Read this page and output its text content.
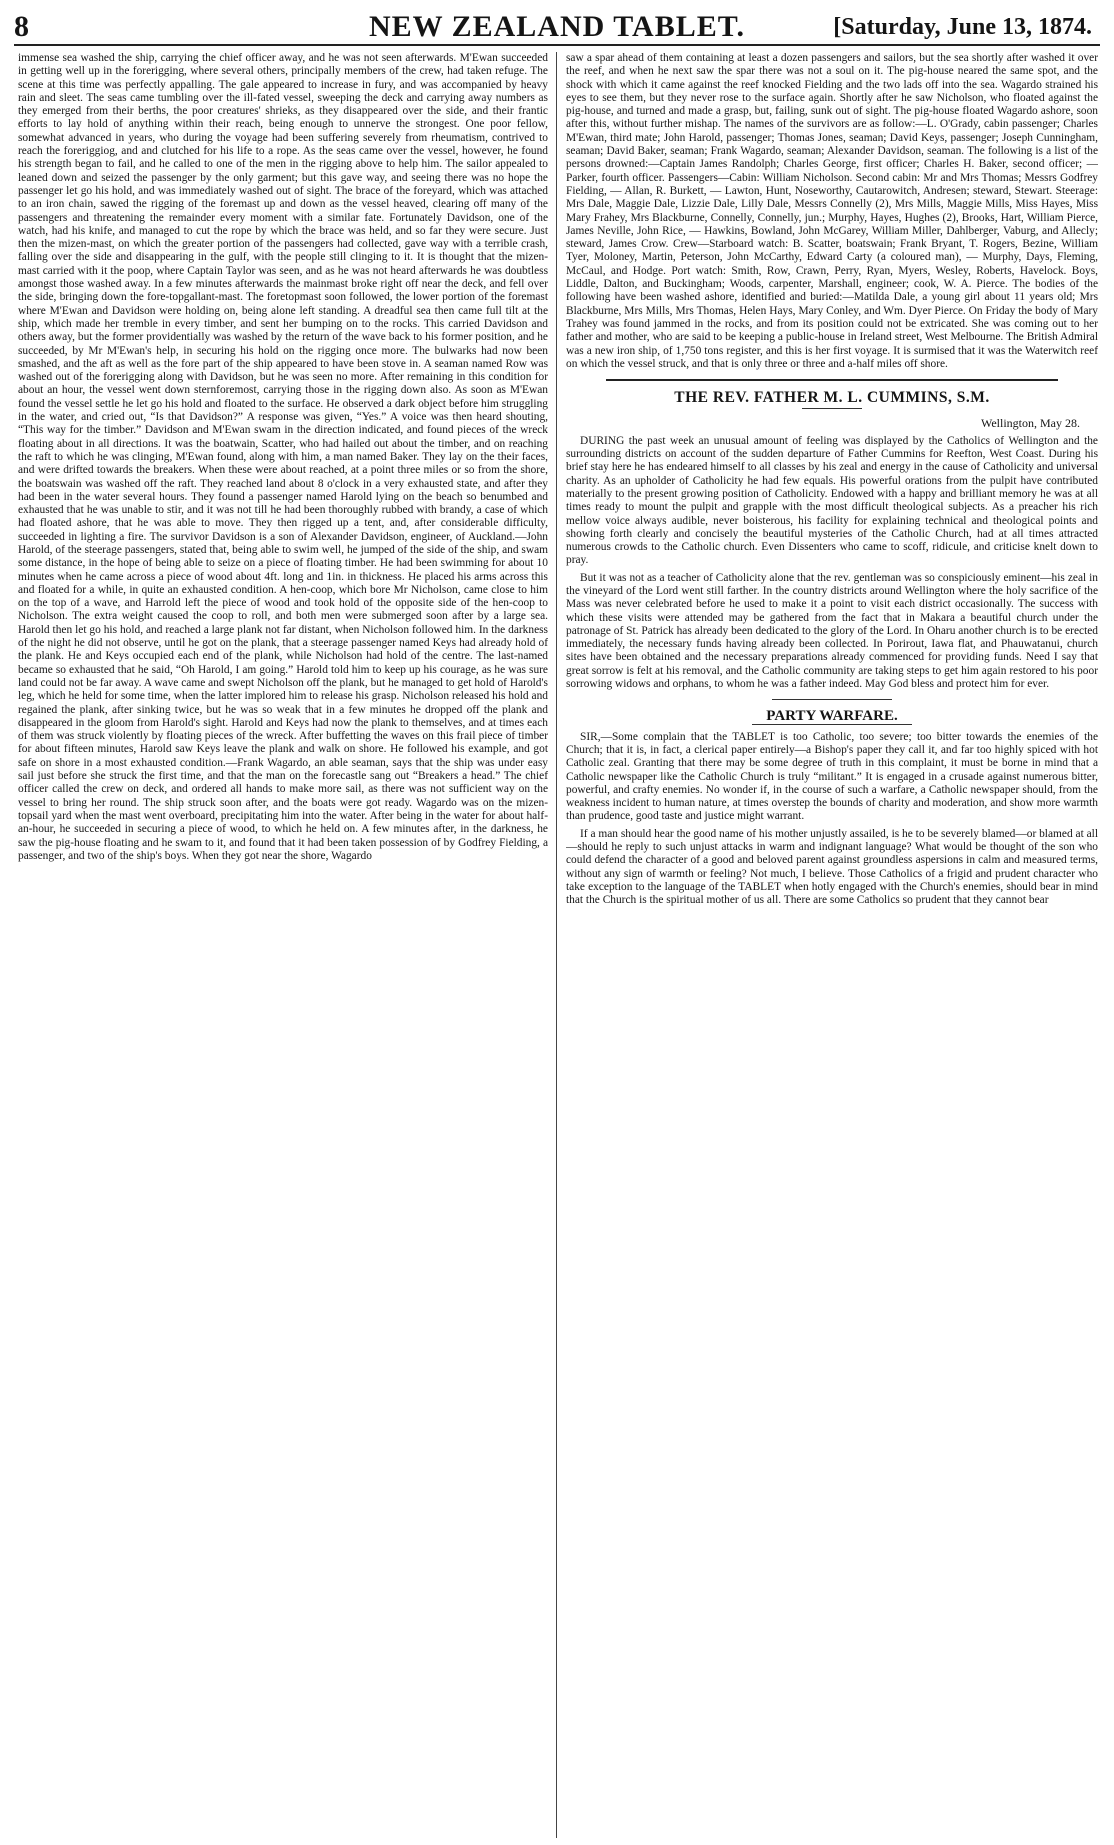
8	NEW ZEALAND TABLET.	[Saturday, June 13, 1874.

immense sea washed the ship, carrying the chief officer away, and he was not seen afterwards. M'Ewan succeeded in getting well up in the forerigging, where several others, principally members of the crew, had taken refuge. The scene at this time was perfectly appalling. The gale appeared to increase in fury, and was accompanied by heavy rain and sleet. The seas came tumbling over the ill-fated vessel, sweeping the deck and carrying away numbers as they emerged from their berths, the poor creatures' shrieks, as they disappeared over the side, and their frantic efforts to lay hold of anything within their reach, being enough to unnerve the strongest. One poor fellow, somewhat advanced in years, who during the voyage had been suffering severely from rheumatism, contrived to reach the foreriggiog, and and clutched for his life to a rope. As the seas came over the vessel, however, he found his strength began to fail, and he called to one of the men in the rigging above to help him. The sailor appealed to leaned down and seized the passenger by the only garment; but this gave way, and seeing there was no hope the passenger let go his hold, and was immediately washed out of sight. The brace of the foreyard, which was attached to an iron chain, sawed the rigging of the foremast up and down as the vessel heaved, clearing off many of the passengers and threatening the remainder every moment with a similar fate. Fortunately Davidson, one of the watch, had his knife, and managed to cut the rope by which the brace was held, and so far they were secure. Just then the mizen-mast, on which the greater portion of the passengers had collected, gave way with a terrible crash, falling over the side and disappearing in the gulf, with the people still clinging to it. It is thought that the mizen-mast carried with it the poop, where Captain Taylor was seen, and as he was not heard afterwards he was doubtless amongst those washed away. In a few minutes afterwards the mainmast broke right off near the deck, and fell over the side, bringing down the fore-topgallant-mast. The foretopmast soon followed, the lower portion of the foremast where M'Ewan and Davidson were holding on, being alone left standing. A dreadful sea then came full tilt at the ship, which made her tremble in every timber, and sent her bumping on to the rocks. This carried Davidson and others away, but the former providentially was washed by the return of the wave back to his former position, and he succeeded, by Mr M'Ewan's help, in securing his hold on the rigging once more. The bulwarks had now been smashed, and the aft as well as the fore part of the ship appeared to have been stove in. A seaman named Row was washed out of the forerigging along with Davidson, but he was seen no more. After remaining in this condition for about an hour, the vessel went down sternforemost, carrying those in the rigging down also. As soon as M'Ewan found the vessel settle he let go his hold and floated to the surface. He observed a dark object before him struggling in the water, and cried out, “Is that Davidson?” A response was given, “Yes.” A voice was then heard shouting, “This way for the timber.” Davidson and M'Ewan swam in the direction indicated, and found pieces of the wreck floating about in all directions. It was the boatwain, Scatter, who had hailed out about the timber, and on reaching the raft to which he was clinging, M'Ewan found, along with him, a man named Baker. They lay on the their faces, and were drifted towards the breakers. When these were about reached, at a point three miles or so from the shore, the boatswain was washed off the raft. They reached land about 8 o'clock in a very exhausted state, and after they had been in the water several hours. They found a passenger named Harold lying on the beach so benumbed and exhausted that he was unable to stir, and it was not till he had been thoroughly rubbed with brandy, a case of which had floated ashore, that he was able to move. They then rigged up a tent, and, after considerable difficulty, succeeded in lighting a fire. The survivor Davidson is a son of Alexander Davidson, engineer, of Auckland.—John Harold, of the steerage passengers, stated that, being able to swim well, he jumped of the side of the ship, and swam some distance, in the hope of being able to seize on a piece of floating timber. He had been swimming for about 10 minutes when he came across a piece of wood about 4ft. long and 1in. in thickness. He placed his arms across this and floated for a while, in quite an exhausted condition. A hen-coop, which bore Mr Nicholson, came close to him on the top of a wave, and Harrold left the piece of wood and took hold of the opposite side of the hen-coop to Nicholson. The extra weight caused the coop to roll, and both men were submerged soon after by a large sea. Harold then let go his hold, and reached a large plank not far distant, when Nicholson followed him. In the darkness of the night he did not observe, until he got on the plank, that a steerage passenger named Keys had already hold of the plank. He and Keys occupied each end of the plank, while Nicholson had hold of the centre. The last-named became so exhausted that he said, “Oh Harold, I am going.” Harold told him to keep up his courage, as he was sure land could not be far away. A wave came and swept Nicholson off the plank, but he managed to get hold of Harold's leg, which he held for some time, when the latter implored him to release his grasp. Nicholson released his hold and regained the plank, after sinking twice, but he was so weak that in a few minutes he dropped off the plank and disappeared in the gloom from Harold's sight. Harold and Keys had now the plank to themselves, and at times each of them was struck violently by floating pieces of the wreck. After buffetting the waves on this frail piece of timber for about fifteen minutes, Harold saw Keys leave the plank and walk on shore. He followed his example, and got safe on shore in a most exhausted condition.—Frank Wagardo, an able seaman, says that the ship was under easy sail just before she struck the first time, and that the man on the forecastle sang out “Breakers a head.” The chief officer called the crew on deck, and ordered all hands to make more sail, as there was not sufficient way on the vessel to bring her round. The ship struck soon after, and the boats were got ready. Wagardo was on the mizen-topsail yard when the mast went overboard, precipitating him into the water. After being in the water for about half-an-hour, he succeeded in securing a piece of wood, to which he held on. A few minutes after, in the darkness, he saw the pig-house floating and he swam to it, and found that it had been taken possession of by Godfrey Fielding, a passenger, and two of the ship's boys. When they got near the shore, Wagardo

saw a spar ahead of them containing at least a dozen passengers and sailors, but the sea shortly after washed it over the reef, and when he next saw the spar there was not a soul on it. The pig-house neared the same spot, and the shock with which it came against the reef knocked Fielding and the two lads off into the sea. Wagardo strained his eyes to see them, but they never rose to the surface again. Shortly after he saw Nicholson, who floated against the pig-house, and turned and made a grasp, but, failing, sunk out of sight. The pig-house floated Wagardo ashore, soon after this, without further mishap. The names of the survivors are as follow:—L. O'Grady, cabin passenger; Charles M'Ewan, third mate; John Harold, passenger; Thomas Jones, seaman; David Keys, passenger; Joseph Cunningham, seaman; David Baker, seaman; Frank Wagardo, seaman; Alexander Davidson, seaman. The following is a list of the persons drowned:—Captain James Randolph; Charles George, first officer; Charles H. Baker, second officer; — Parker, fourth officer. Passengers—Cabin: William Nicholson. Second cabin: Mr and Mrs Thomas; Messrs Godfrey Fielding, — Allan, R. Burkett, — Lawton, Hunt, Noseworthy, Cautarowitch, Andresen; steward, Stewart. Steerage: Mrs Dale, Maggie Dale, Lizzie Dale, Lilly Dale, Messrs Connelly (2), Mrs Mills, Maggie Mills, Miss Hayes, Miss Mary Frahey, Mrs Blackburne, Connelly, Connelly, jun.; Murphy, Hayes, Hughes (2), Brooks, Hart, William Pierce, James Neville, John Rice, — Hawkins, Bowland, John McGarey, William Miller, Dahlberger, Vaburg, and Allecly; steward, James Crow. Crew—Starboard watch: B. Scatter, boatswain; Frank Bryant, T. Rogers, Bezine, William Tyer, Moloney, Martin, Peterson, John McCarthy, Edward Carty (a coloured man), — Murphy, Days, Fleming, McCaul, and Hodge. Port watch: Smith, Row, Crawn, Perry, Ryan, Myers, Wesley, Roberts, Havelock. Boys, Liddle, Dalton, and Buckingham; Woods, carpenter, Marshall, engineer; cook, W. A. Pierce. The bodies of the following have been washed ashore, identified and buried:—Matilda Dale, a young girl about 11 years old; Mrs Blackburne, Mrs Mills, Mrs Thomas, Helen Hays, Mary Conley, and Wm. Dyer Pierce. On Friday the body of Mary Trahey was found jammed in the rocks, and from its position could not be extricated. She was coming out to her father and mother, who are said to be keeping a public-house in Ireland street, West Melbourne. The British Admiral was a new iron ship, of 1,750 tons register, and this is her first voyage. It is surmised that it was the Waterwitch reef on which the vessel struck, and that is only three or three and a-half miles off shore.

THE REV. FATHER M. L. CUMMINS, S.M.
Wellington, May 28.

DURING the past week an unusual amount of feeling was displayed by the Catholics of Wellington and the surrounding districts on account of the sudden departure of Father Cummins for Reefton, West Coast. During his brief stay here he has endeared himself to all classes by his zeal and energy in the cause of Catholicity and universal charity. As an upholder of Catholicity he had few equals. His powerful orations from the pulpit have contributed materially to the present growing position of Catholicity. Endowed with a happy and brilliant memory he was at all times ready to mount the pulpit and grapple with the most difficult theological subjects. As a preacher his rich mellow voice always audible, never boisterous, his facility for explaining technical and theological points and showing forth clearly and concisely the beautiful mysteries of the Catholic Church, had at all times attracted numerous crowds to the Catholic church. Even Dissenters who came to scoff, ridicule, and criticise knelt down to pray.

But it was not as a teacher of Catholicity alone that the rev. gentleman was so conspiciously eminent—his zeal in the vineyard of the Lord went still farther. In the country districts around Wellington where the holy sacrifice of the Mass was never celebrated before he used to make it a point to visit each district occasionally. The success with which these visits were attended may be gathered from the fact that in Makara a beautiful church under the patronage of St. Patrick has already been dedicated to the glory of the Lord. In Oharu another church is to be erected immediately, the necessary funds having already been collected. In Porirout, Iawa flat, and Phauwatanui, church sites have been obtained and the necessary preparations already commenced for providing funds. Need I say that great sorrow is felt at his removal, and the Catholic community are taking steps to get him again restored to his poor sorrowing widows and orphans, to whom he was a father indeed. May God bless and protect him for ever.

PARTY WARFARE.

SIR,—Some complain that the TABLET is too Catholic, too severe; too bitter towards the enemies of the Church; that it is, in fact, a clerical paper entirely—a Bishop's paper they call it, and far too highly spiced with hot Catholic zeal. Granting that there may be some degree of truth in this complaint, it must be borne in mind that a Catholic newspaper like the Catholic Church is truly “militant.” It is engaged in a crusade against numerous bitter, powerful, and crafty enemies. No wonder if, in the course of such a warfare, a Catholic newspaper should, from the weakness incident to human nature, at times overstep the bounds of charity and moderation, and show more warmth than prudence, good taste and justice might warrant.

If a man should hear the good name of his mother unjustly assailed, is he to be severely blamed—or blamed at all—should he reply to such unjust attacks in warm and indignant language? What would be thought of the son who could defend the character of a good and beloved parent against groundless aspersions in calm and measured terms, without any sign of warmth or feeling? Not much, I believe. Those Catholics of a frigid and prudent character who take exception to the language of the TABLET when hotly engaged with the Church's enemies, should bear in mind that the Church is the spiritual mother of us all. There are some Catholics so prudent that they cannot bear
